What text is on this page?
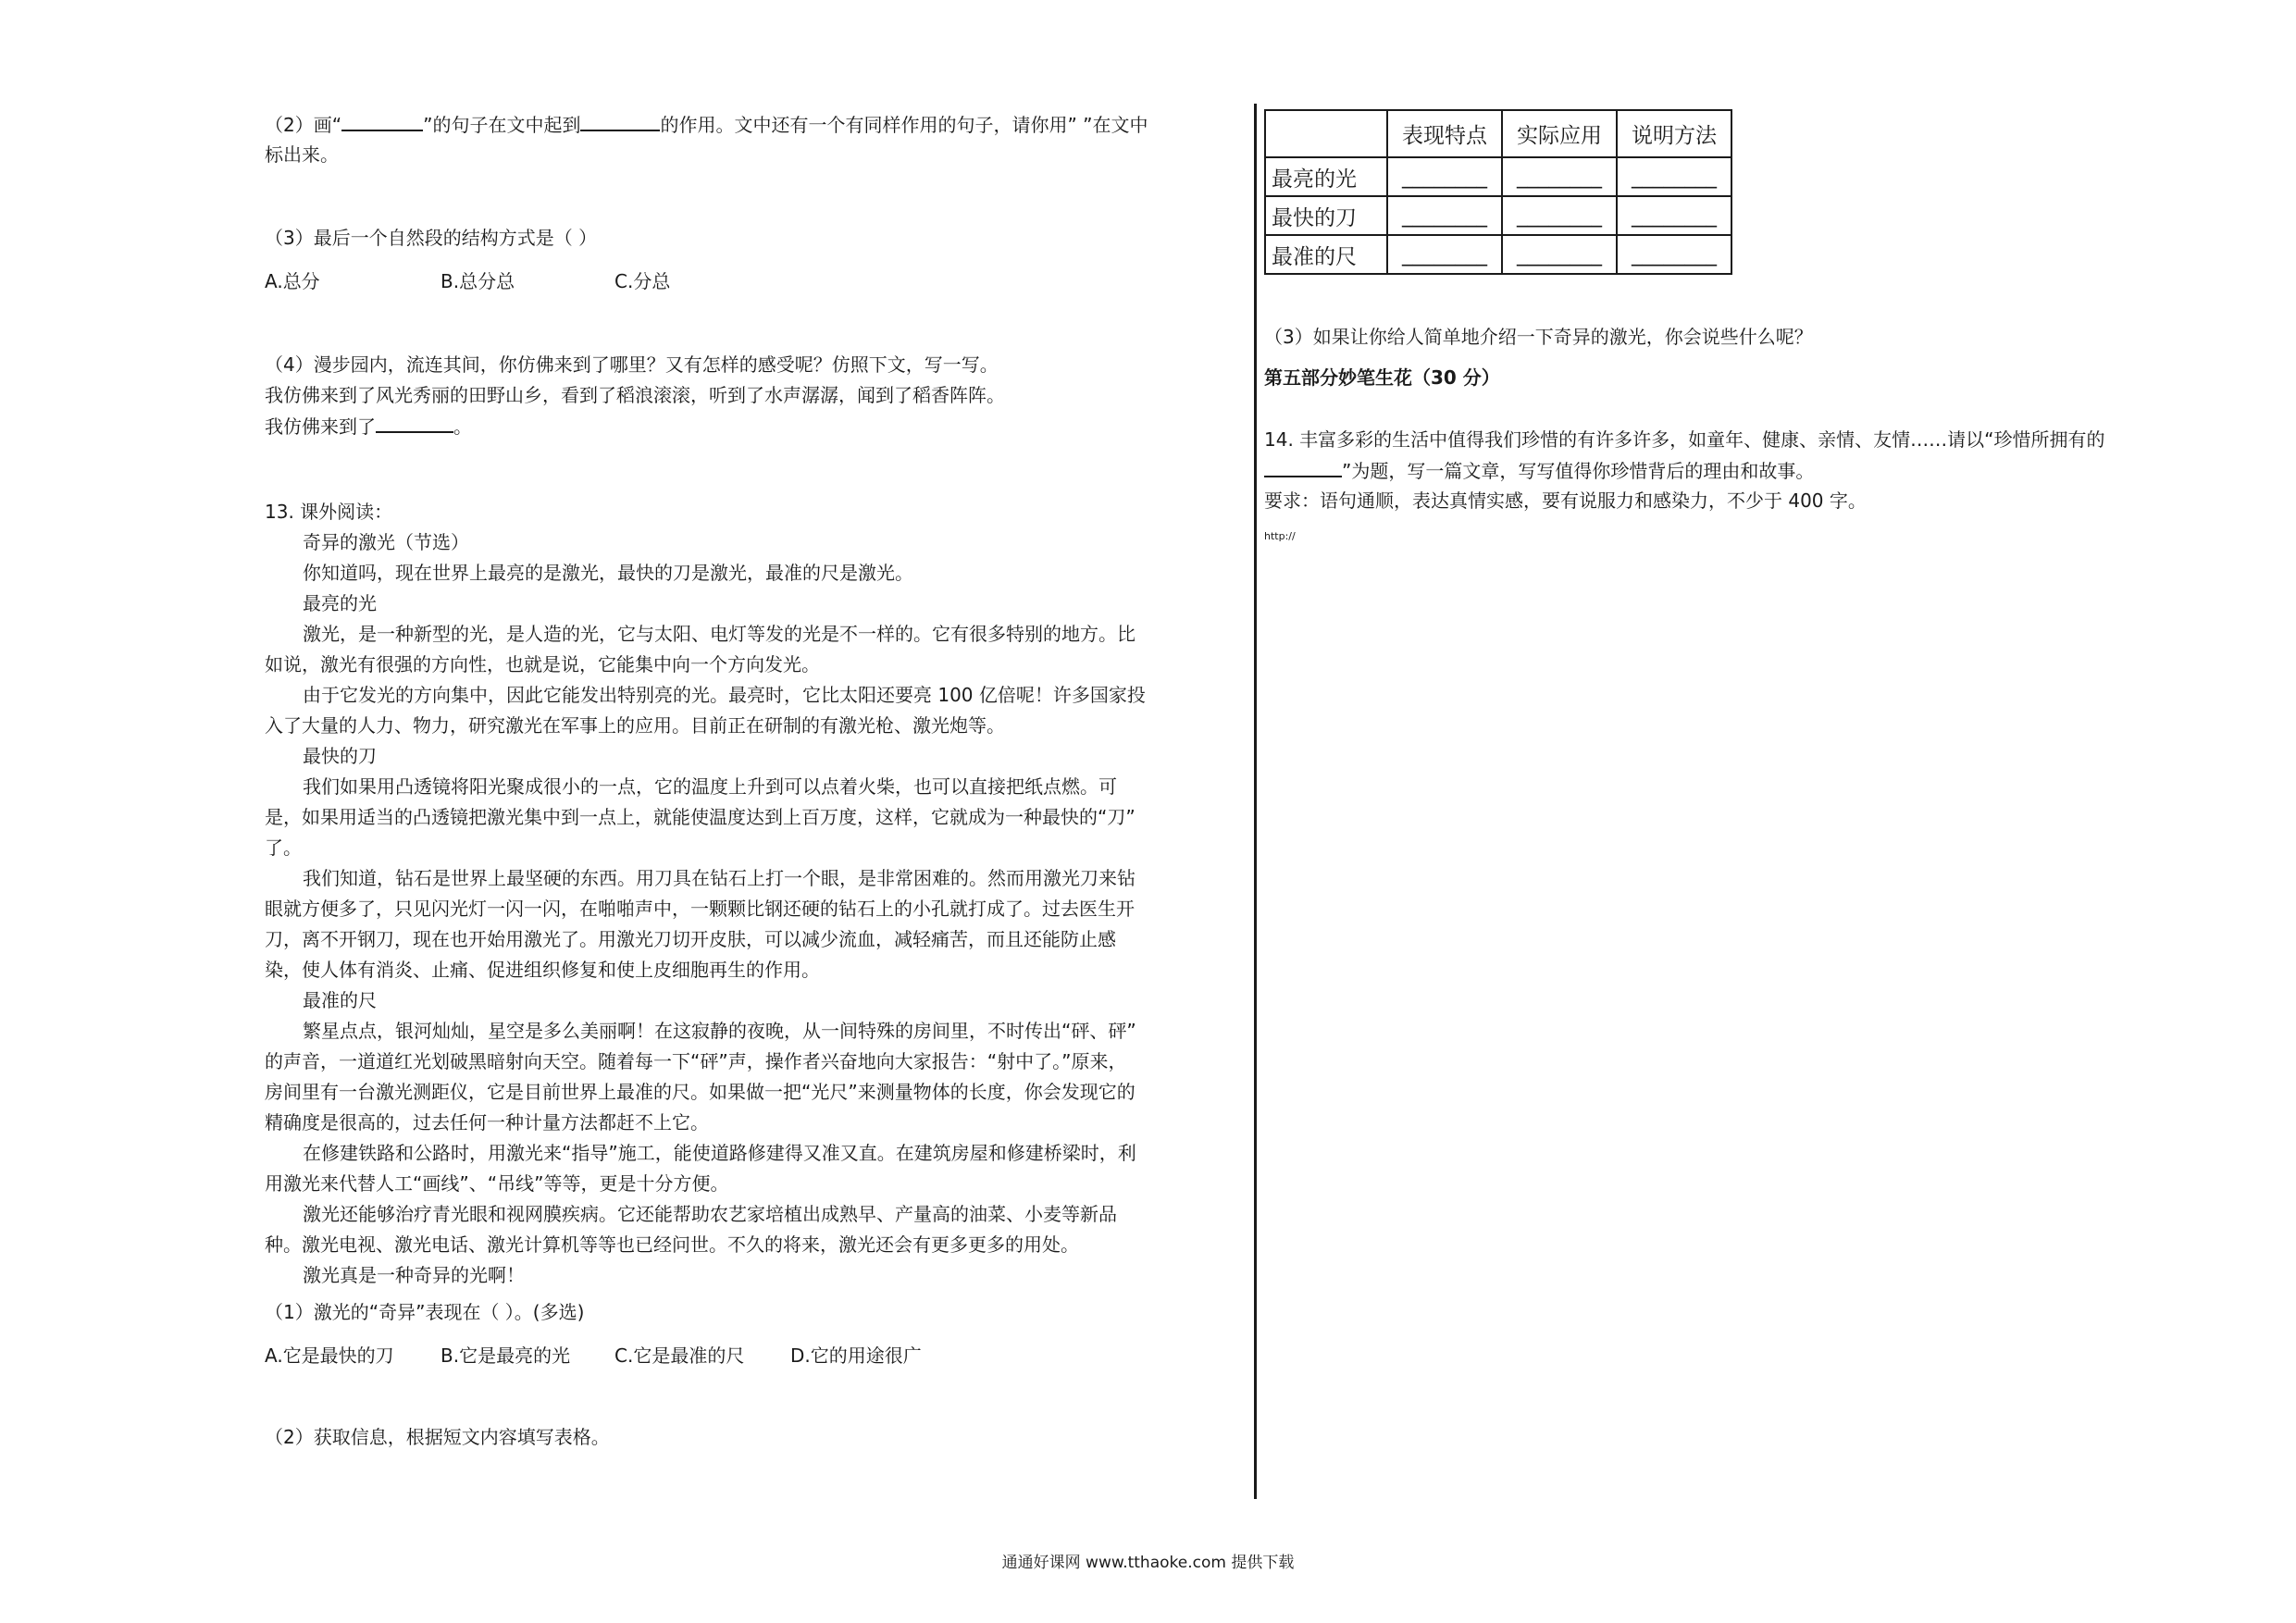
（2）画“	”的句子在文中起到	的作用。文中还有一个有同样作用的句子，请你用” ”在文中
标出来。
（3）最后一个自然段的结构方式是（ ）
A.总分	B.总分总	C.分总
（4）漫步园内，流连其间，你仿佛来到了哪里？又有怎样的感受呢？仿照下文，写一写。
我仿佛来到了风光秀丽的田野山乡，看到了稻浪滚滚，听到了水声潺潺，闻到了稻香阵阵。
我仿佛来到了	。
13. 课外阅读：
奇异的激光（节选）
你知道吗，现在世界上最亮的是激光，最快的刀是激光，最准的尺是激光。
最亮的光
激光，是一种新型的光，是人造的光，它与太阳、电灯等发的光是不一样的。它有很多特别的地方。比
如说，激光有很强的方向性，也就是说，它能集中向一个方向发光。
由于它发光的方向集中，因此它能发出特别亮的光。最亮时，它比太阳还要亮 100 亿倍呢！许多国家投
入了大量的人力、物力，研究激光在军事上的应用。目前正在研制的有激光枪、激光炮等。
最快的刀
我们如果用凸透镜将阳光聚成很小的一点，它的温度上升到可以点着火柴，也可以直接把纸点燃。可
是，如果用适当的凸透镜把激光集中到一点上，就能使温度达到上百万度，这样，它就成为一种最快的“刀”
了。
我们知道，钻石是世界上最坚硬的东西。用刀具在钻石上打一个眼，是非常困难的。然而用激光刀来钻
眼就方便多了，只见闪光灯一闪一闪，在啪啪声中，一颗颗比钢还硬的钻石上的小孔就打成了。过去医生开
刀，离不开钢刀，现在也开始用激光了。用激光刀切开皮肤，可以减少流血，减轻痛苦，而且还能防止感
染，使人体有消炎、止痛、促进组织修复和使上皮细胞再生的作用。
最准的尺
繁星点点，银河灿灿，星空是多么美丽啊！在这寂静的夜晚，从一间特殊的房间里，不时传出“砰、砰”
的声音，一道道红光划破黑暗射向天空。随着每一下“砰”声，操作者兴奋地向大家报告：“射中了。”原来，
房间里有一台激光测距仪，它是目前世界上最准的尺。如果做一把“光尺”来测量物体的长度，你会发现它的
精确度是很高的，过去任何一种计量方法都赶不上它。
在修建铁路和公路时，用激光来“指导”施工，能使道路修建得又准又直。在建筑房屋和修建桥梁时，利
用激光来代替人工“画线”、“吊线”等等，更是十分方便。
激光还能够治疗青光眼和视网膜疾病。它还能帮助农艺家培植出成熟早、产量高的油菜、小麦等新品
种。激光电视、激光电话、激光计算机等等也已经问世。不久的将来，激光还会有更多更多的用处。
激光真是一种奇异的光啊！
（1）激光的“奇异”表现在（ ）。(多选)
A.它是最快的刀	B.它是最亮的光 C.它是最准的尺 D.它的用途很广
（2）获取信息，根据短文内容填写表格。
	表现特点	实际应用	说明方法
最亮的光	________	________	________
最快的刀	________	________	________
最准的尺	________	________	________
（3）如果让你给人简单地介绍一下奇异的激光，你会说些什么呢？
第五部分妙笔生花（30 分）
14. 丰富多彩的生活中值得我们珍惜的有许多许多，如童年、健康、亲情、友情……请以“珍惜所拥有的
”为题，写一篇文章，写写值得你珍惜背后的理由和故事。
要求：语句通顺，表达真情实感，要有说服力和感染力，不少于 400 字。
http://
通通好课网 www.tthaoke.com 提供下载
